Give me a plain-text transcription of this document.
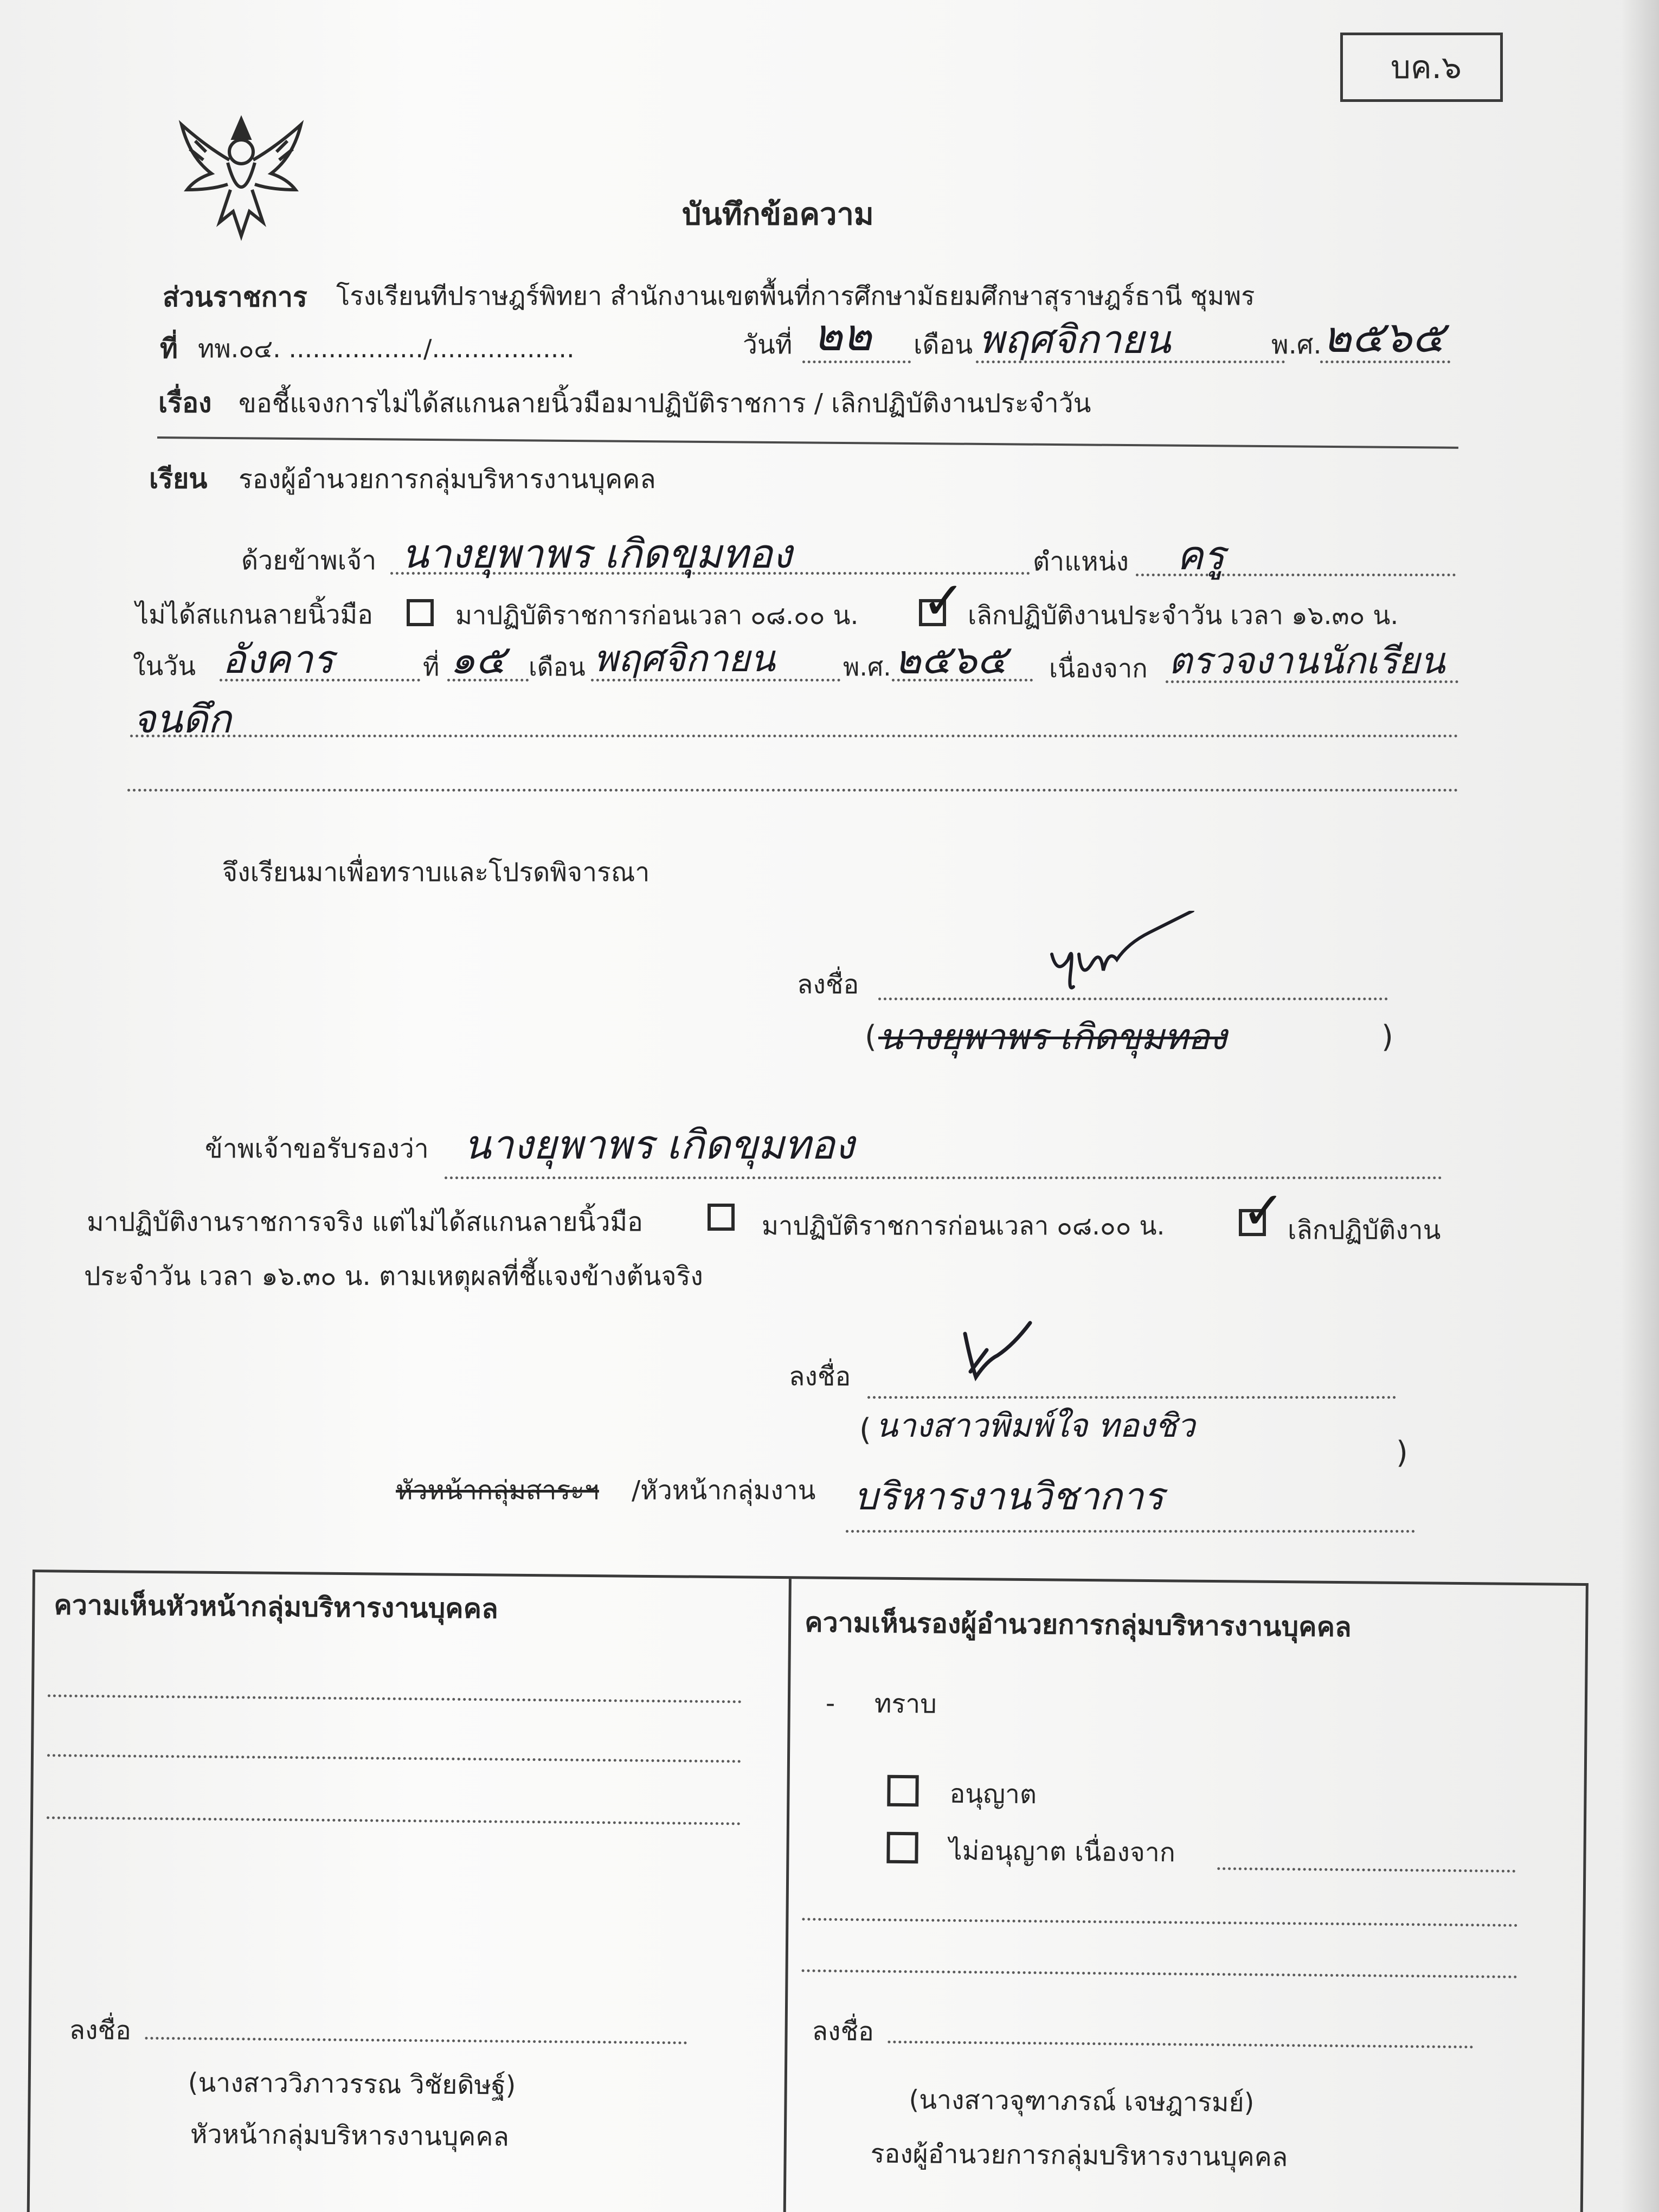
บค.๖
บันทึกข้อความ
ส่วนราชการ โรงเรียนทีปราษฎร์พิทยา สำนักงานเขตพื้นที่การศึกษามัธยมศึกษาสุราษฎร์ธานี ชุมพร
ที่ ทพ.๐๔. ................./..................	วันที่ ๒๒ เดือน พฤศจิกายน	พ.ศ. ๒๕๖๕
เรื่อง ขอชี้แจงการไม่ได้สแกนลายนิ้วมือมาปฏิบัติราชการ / เลิกปฏิบัติงานประจำวัน
เรียน รองผู้อำนวยการกลุ่มบริหารงานบุคคล
ด้วยข้าพเจ้า นางยุพาพร เกิดขุมทอง	ตำแหน่ง ครู
ไม่ได้สแกนลายนิ้วมือ	มาปฏิบัติราชการก่อนเวลา ๐๘.๐๐ น. ✓ เลิกปฏิบัติงานประจำวัน เวลา ๑๖.๓๐ น.
ในวัน อังคาร	ที่ ๑๕ เดือน พฤศจิกายน	พ.ศ. ๒๕๖๕ เนื่องจาก ตรวจงานนักเรียน
จนดึก
จึงเรียนมาเพื่อทราบและโปรดพิจารณา
ลงชื่อ
( นางยุพาพร เกิดขุมทอง	)
ข้าพเจ้าขอรับรองว่า นางยุพาพร เกิดขุมทอง
มาปฏิบัติงานราชการจริง แต่ไม่ได้สแกนลายนิ้วมือ	มาปฏิบัติราชการก่อนเวลา ๐๘.๐๐ น. ✓ เลิกปฏิบัติงาน
ประจำวัน เวลา ๑๖.๓๐ น. ตามเหตุผลที่ชี้แจงข้างต้นจริง
ลงชื่อ
( นางสาวพิมพ์ใจ ทองชิว
)
หัวหน้ากลุ่มสาระฯ /หัวหน้ากลุ่มงาน บริหารงานวิชาการ
ความเห็นหัวหน้ากลุ่มบริหารงานบุคคล
ลงชื่อ
(นางสาววิภาวรรณ วิชัยดิษฐ์)
หัวหน้ากลุ่มบริหารงานบุคคล
ความเห็นรองผู้อำนวยการกลุ่มบริหารงานบุคคล
- ทราบ
อนุญาต
ไม่อนุญาต เนื่องจาก
ลงชื่อ
(นางสาวจุฑาภรณ์ เจษฎารมย์)
รองผู้อำนวยการกลุ่มบริหารงานบุคคล
